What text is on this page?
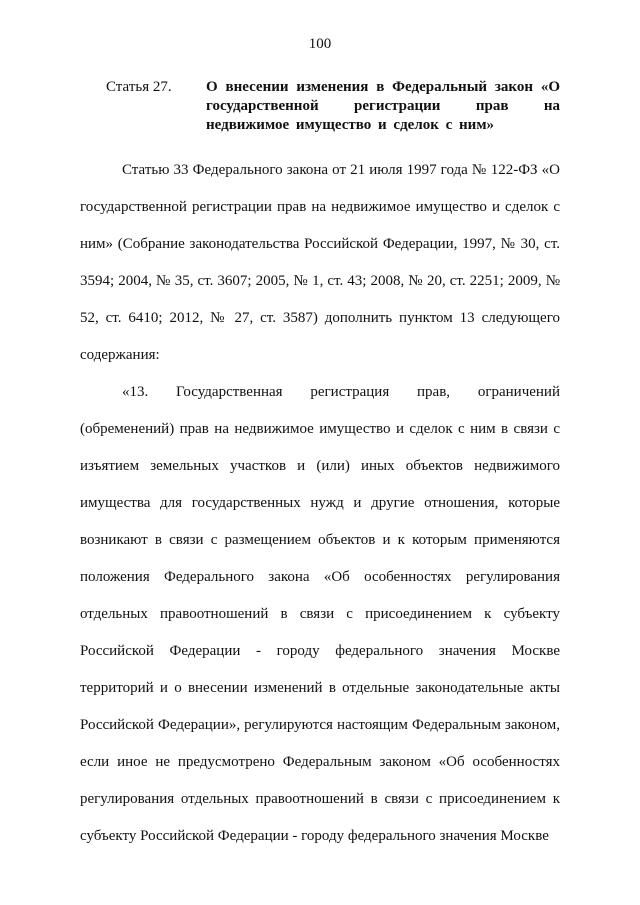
100
Статья 27.	О внесении изменения в Федеральный закон «О государственной регистрации прав на недвижимое имущество и сделок с ним»

Статью 33 Федерального закона от 21 июля 1997 года № 122-ФЗ «О государственной регистрации прав на недвижимое имущество и сделок с ним» (Собрание законодательства Российской Федерации, 1997, № 30, ст. 3594; 2004, № 35, ст. 3607; 2005, № 1, ст. 43; 2008, № 20, ст. 2251; 2009, № 52, ст. 6410; 2012, № 27, ст. 3587) дополнить пунктом 13 следующего содержания:

«13. Государственная регистрация прав, ограничений (обременений) прав на недвижимое имущество и сделок с ним в связи с изъятием земельных участков и (или) иных объектов недвижимого имущества для государственных нужд и другие отношения, которые возникают в связи с размещением объектов и к которым применяются положения Федерального закона «Об особенностях регулирования отдельных правоотношений в связи с присоединением к субъекту Российской Федерации - городу федерального значения Москве территорий и о внесении изменений в отдельные законодательные акты Российской Федерации», регулируются настоящим Федеральным законом, если иное не предусмотрено Федеральным законом «Об особенностях регулирования отдельных правоотношений в связи с присоединением к субъекту Российской Федерации - городу федерального значения Москве
